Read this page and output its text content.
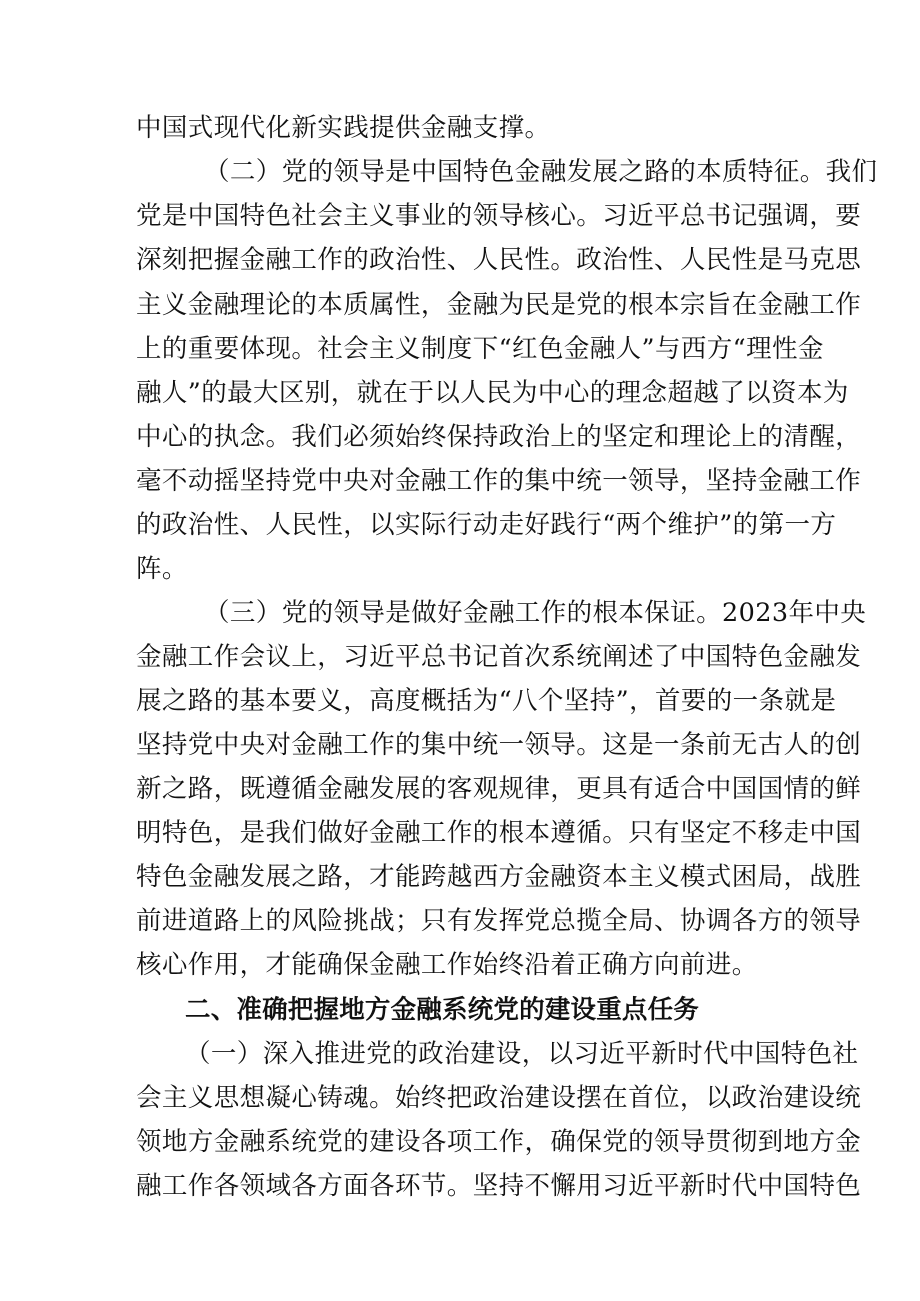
中国式现代化新实践提供金融支撑。
（二）党的领导是中国特色金融发展之路的本质特征。我们
党是中国特色社会主义事业的领导核心。习近平总书记强调，要
深刻把握金融工作的政治性、人民性。政治性、人民性是马克思
主义金融理论的本质属性，金融为民是党的根本宗旨在金融工作
上的重要体现。社会主义制度下“红色金融人”与西方“理性金
融人”的最大区别，就在于以人民为中心的理念超越了以资本为
中心的执念。我们必须始终保持政治上的坚定和理论上的清醒，
毫不动摇坚持党中央对金融工作的集中统一领导，坚持金融工作
的政治性、人民性，以实际行动走好践行“两个维护”的第一方
阵。
（三）党的领导是做好金融工作的根本保证。2023年中央
金融工作会议上，习近平总书记首次系统阐述了中国特色金融发
展之路的基本要义，高度概括为“八个坚持”，首要的一条就是
坚持党中央对金融工作的集中统一领导。这是一条前无古人的创
新之路，既遵循金融发展的客观规律，更具有适合中国国情的鲜
明特色，是我们做好金融工作的根本遵循。只有坚定不移走中国
特色金融发展之路，才能跨越西方金融资本主义模式困局，战胜
前进道路上的风险挑战；只有发挥党总揽全局、协调各方的领导
核心作用，才能确保金融工作始终沿着正确方向前进。
二、准确把握地方金融系统党的建设重点任务
（一）深入推进党的政治建设，以习近平新时代中国特色社
会主义思想凝心铸魂。始终把政治建设摆在首位，以政治建设统
领地方金融系统党的建设各项工作，确保党的领导贯彻到地方金
融工作各领域各方面各环节。坚持不懈用习近平新时代中国特色
